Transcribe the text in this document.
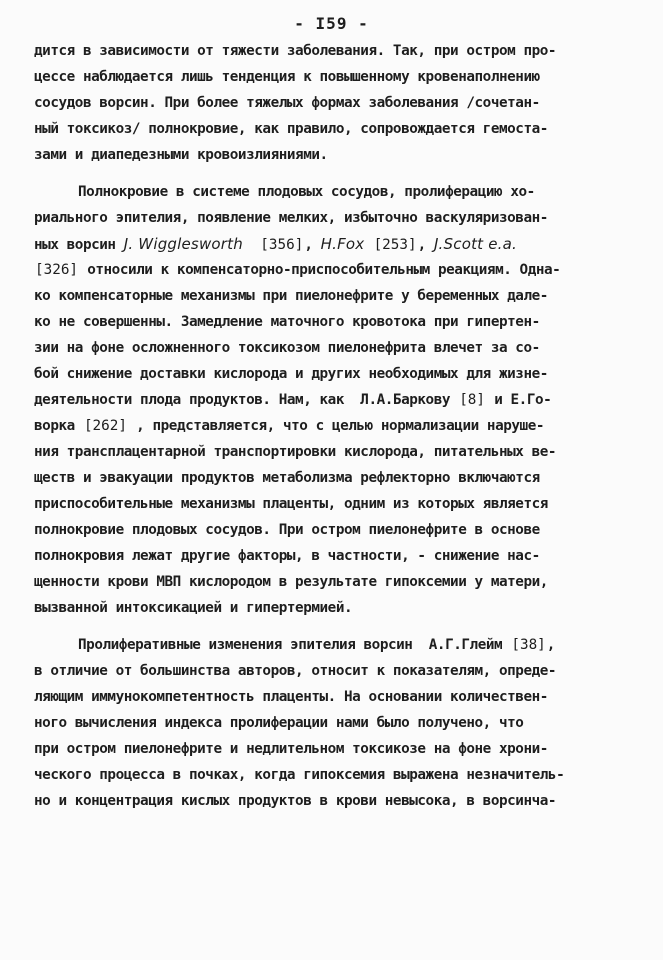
- I59 -
дится в зависимости от тяжести заболевания. Так, при остром про-
цессе наблюдается лишь тенденция к повышенному кровенаполнению
сосудов ворсин. При более тяжелых формах заболевания /сочетан-
ный токсикоз/ полнокровие, как правило, сопровождается гемоста-
зами и диапедезными кровоизлияниями.
Полнокровие в системе плодовых сосудов, пролиферацию хо-
риального эпителия, появление мелких, избыточно васкуляризован-
ных ворсин J. Wigglesworth [356], H.Fox [253], J.Scott e.a.
[326] относили к компенсаторно-приспособительным реакциям. Одна-
ко компенсаторные механизмы при пиелонефрите у беременных дале-
ко не совершенны. Замедление маточного кровотока при гипертен-
зии на фоне осложненного токсикозом пиелонефрита влечет за со-
бой снижение доставки кислорода и других необходимых для жизне-
деятельности плода продуктов. Нам, как  Л.А.Баркову [8] и Е.Го-
ворка [262] , представляется, что с целью нормализации наруше-
ния трансплацентарной транспортировки кислорода, питательных ве-
ществ и эвакуации продуктов метаболизма рефлекторно включаются
приспособительные механизмы плаценты, одним из которых является
полнокровие плодовых сосудов. При остром пиелонефрите в основе
полнокровия лежат другие факторы, в частности, - снижение нас-
щенности крови МВП кислородом в результате гипоксемии у матери,
вызванной интоксикацией и гипертермией.
Пролиферативные изменения эпителия ворсин  А.Г.Глейм [38],
в отличие от большинства авторов, относит к показателям, опреде-
ляющим иммунокомпетентность плаценты. На основании количествен-
ного вычисления индекса пролиферации нами было получено, что
при остром пиелонефрите и недлительном токсикозе на фоне хрони-
ческого процесса в почках, когда гипоксемия выражена незначитель-
но и концентрация кислых продуктов в крови невысока, в ворсинча-
